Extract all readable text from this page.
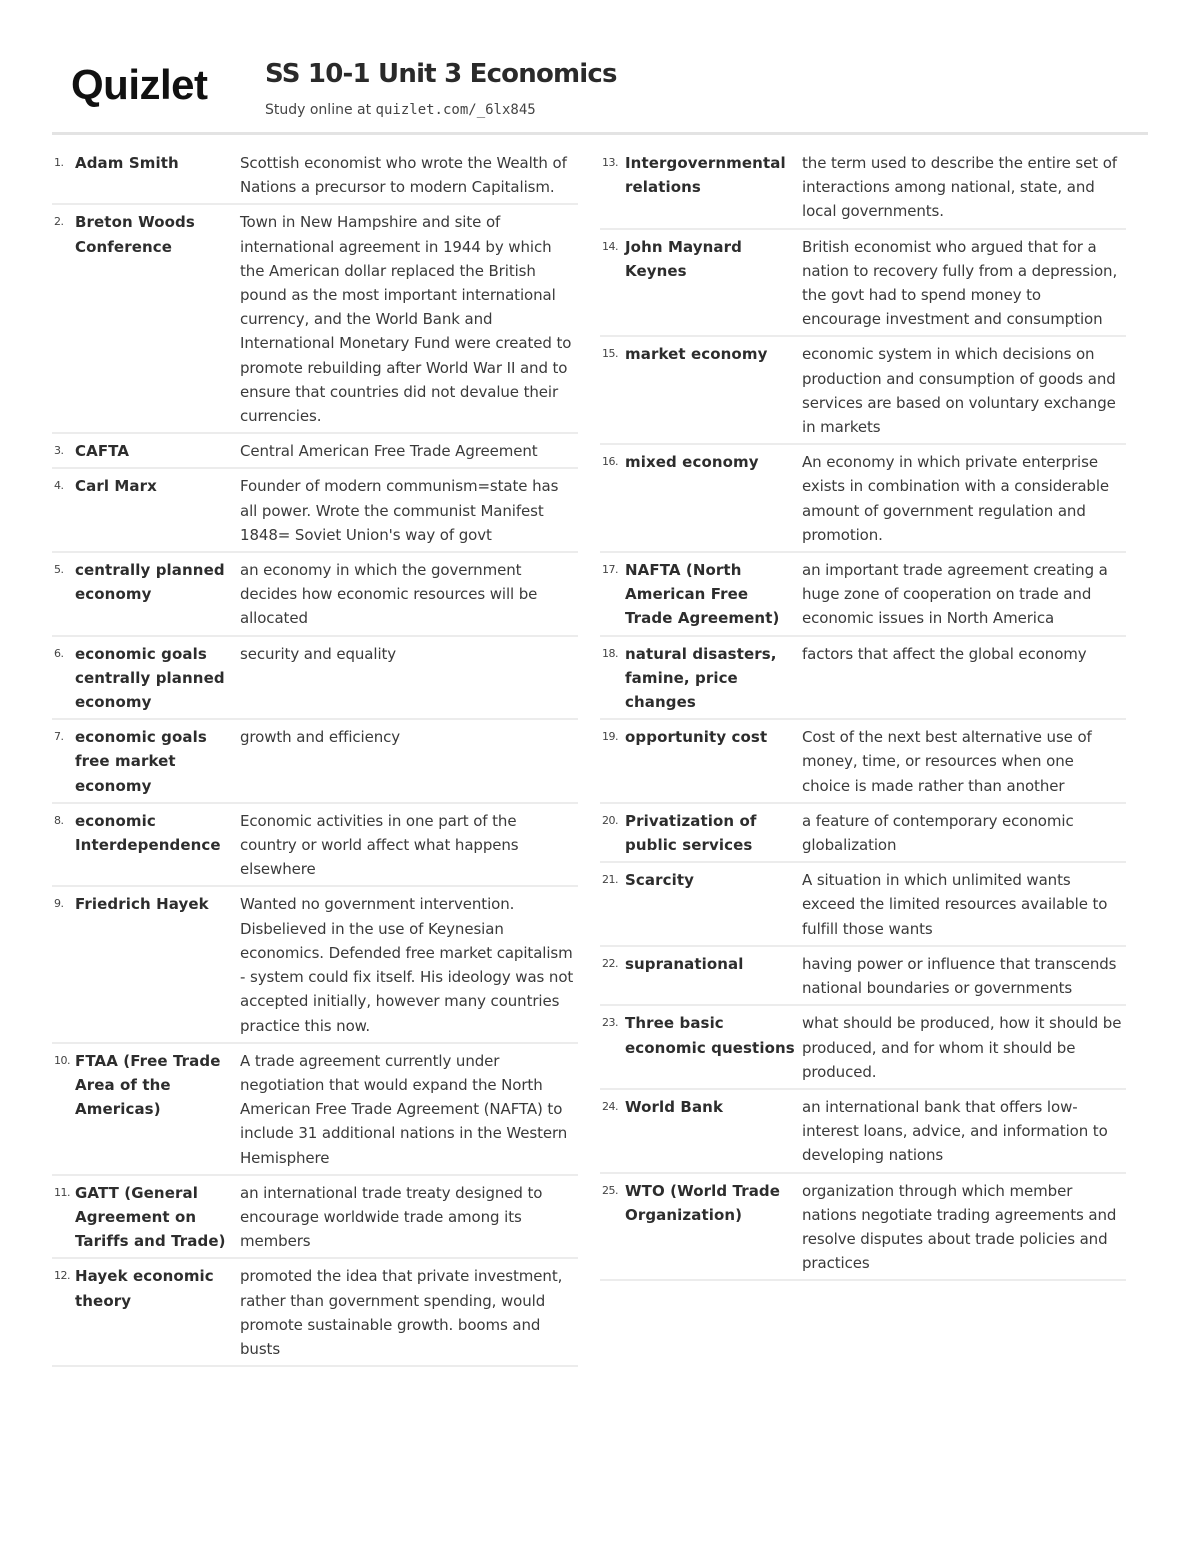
Quizlet SS 10-1 Unit 3 Economics
Study online at quizlet.com/_6lx845
1. Adam Smith	Scottish economist who wrote the Wealth of Nations a precursor to modern Capitalism.
2. Breton Woods Conference
Town in New Hampshire and site of international agreement in 1944 by which the American dollar replaced the British pound as the most important international currency, and the World Bank and International Monetary Fund were created to promote rebuilding after World War II and to ensure that countries did not devalue their currencies.
3. CAFTA	Central American Free Trade Agreement
4. Carl Marx	Founder of modern communism=state has all power. Wrote the communist Manifest 1848= Soviet Union's way of govt
5. centrally planned economy
an economy in which the government decides how economic resources will be allocated
6. economic goals centrally planned economy
security and equality
7. economic goals free market economy
growth and efficiency
8. economic Interdependence
Economic activities in one part of the country or world affect what happens elsewhere
9. Friedrich Hayek	Wanted no government intervention. Disbelieved in the use of Keynesian economics. Defended free market capitalism - system could fix itself. His ideology was not accepted initially, however many countries practice this now.
10. FTAA (Free Trade Area of the Americas)
A trade agreement currently under negotiation that would expand the North American Free Trade Agreement (NAFTA) to include 31 additional nations in the Western Hemisphere
11. GATT (General Agreement on Tariffs and Trade)
an international trade treaty designed to encourage worldwide trade among its members
12. Hayek economic theory
promoted the idea that private investment, rather than government spending, would promote sustainable growth. booms and busts
13. Intergovernmental relations
the term used to describe the entire set of interactions among national, state, and local governments.
14. John Maynard Keynes
British economist who argued that for a nation to recovery fully from a depression, the govt had to spend money to encourage investment and consumption
15. market economy	economic system in which decisions on production and consumption of goods and services are based on voluntary exchange in markets
16. mixed economy	An economy in which private enterprise exists in combination with a considerable amount of government regulation and promotion.
17. NAFTA (North American Free Trade Agreement)
an important trade agreement creating a huge zone of cooperation on trade and economic issues in North America
18. natural disasters, famine, price changes
factors that affect the global economy
19. opportunity cost	Cost of the next best alternative use of money, time, or resources when one choice is made rather than another
20. Privatization of public services
a feature of contemporary economic globalization
21. Scarcity	A situation in which unlimited wants exceed the limited resources available to fulfill those wants
22. supranational	having power or influence that transcends national boundaries or governments
23. Three basic economic questions
what should be produced, how it should be produced, and for whom it should be produced.
24. World Bank	an international bank that offers low-interest loans, advice, and information to developing nations
25. WTO (World Trade Organization)
organization through which member nations negotiate trading agreements and resolve disputes about trade policies and practices
